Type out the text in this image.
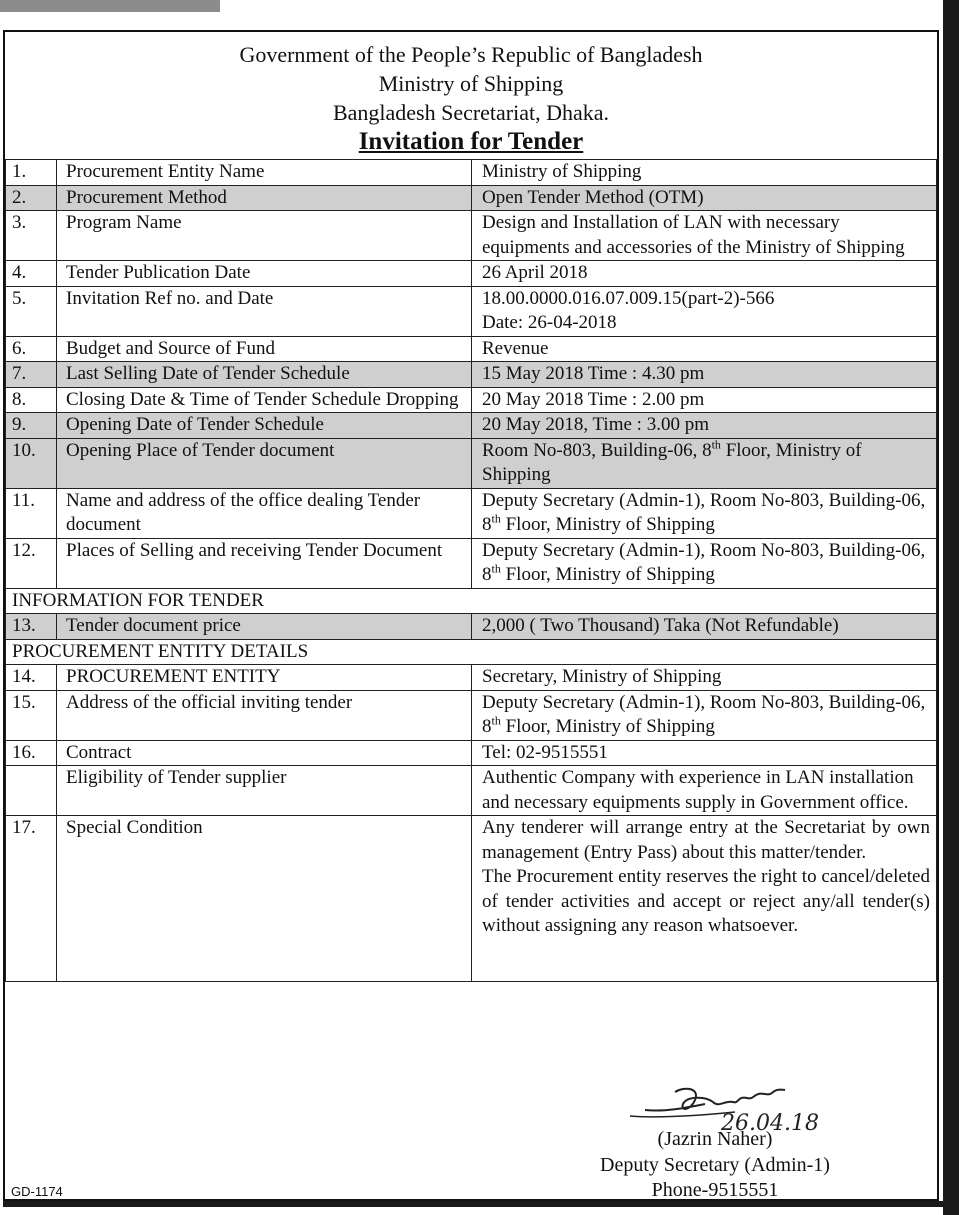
Government of the People’s Republic of Bangladesh
Ministry of Shipping
Bangladesh Secretariat, Dhaka.
Invitation for Tender
1.	Procurement Entity Name	Ministry of Shipping
2.	Procurement Method	Open Tender Method (OTM)
3.	Program Name	Design and Installation of LAN with necessary equipments and accessories of the Ministry of Shipping
4.	Tender Publication Date	26 April 2018
5.	Invitation Ref no. and Date	18.00.0000.016.07.009.15(part-2)-566
Date: 26-04-2018

6.	Budget and Source of Fund	Revenue
7.	Last Selling Date of Tender Schedule	15 May 2018 Time : 4.30 pm
8.	Closing Date & Time of Tender Schedule Dropping	20 May 2018 Time : 2.00 pm
9.	Opening Date of Tender Schedule	20 May 2018, Time : 3.00 pm
10.	Opening Place of Tender document	Room No-803, Building-06, 8th Floor, Ministry of Shipping
11.	Name and address of the office dealing Tender document	Deputy Secretary (Admin-1), Room No-803, Building-06, 8th Floor, Ministry of Shipping
12.	Places of Selling and receiving Tender Document	Deputy Secretary (Admin-1), Room No-803, Building-06, 8th Floor, Ministry of Shipping
INFORMATION FOR TENDER		
13.	Tender document price	2,000 ( Two Thousand) Taka (Not Refundable)
PROCUREMENT ENTITY DETAILS		
14.	PROCUREMENT ENTITY	Secretary, Ministry of Shipping
15.	Address of the official inviting tender	Deputy Secretary (Admin-1), Room No-803, Building-06, 8th Floor, Ministry of Shipping
16.	Contract	Tel: 02-9515551
	Eligibility of Tender supplier	Authentic Company with experience in LAN installation and necessary equipments supply in Government office.
17.	Special Condition	Any tenderer will arrange entry at the Secretariat by own management (Entry Pass) about this matter/tender.
The Procurement entity reserves the right to cancel/deleted of tender activities and accept or reject any/all tender(s) without assigning any reason whatsoever.
26.04.18
(Jazrin Naher)
Deputy Secretary (Admin-1)
Phone-9515551
GD-1174
